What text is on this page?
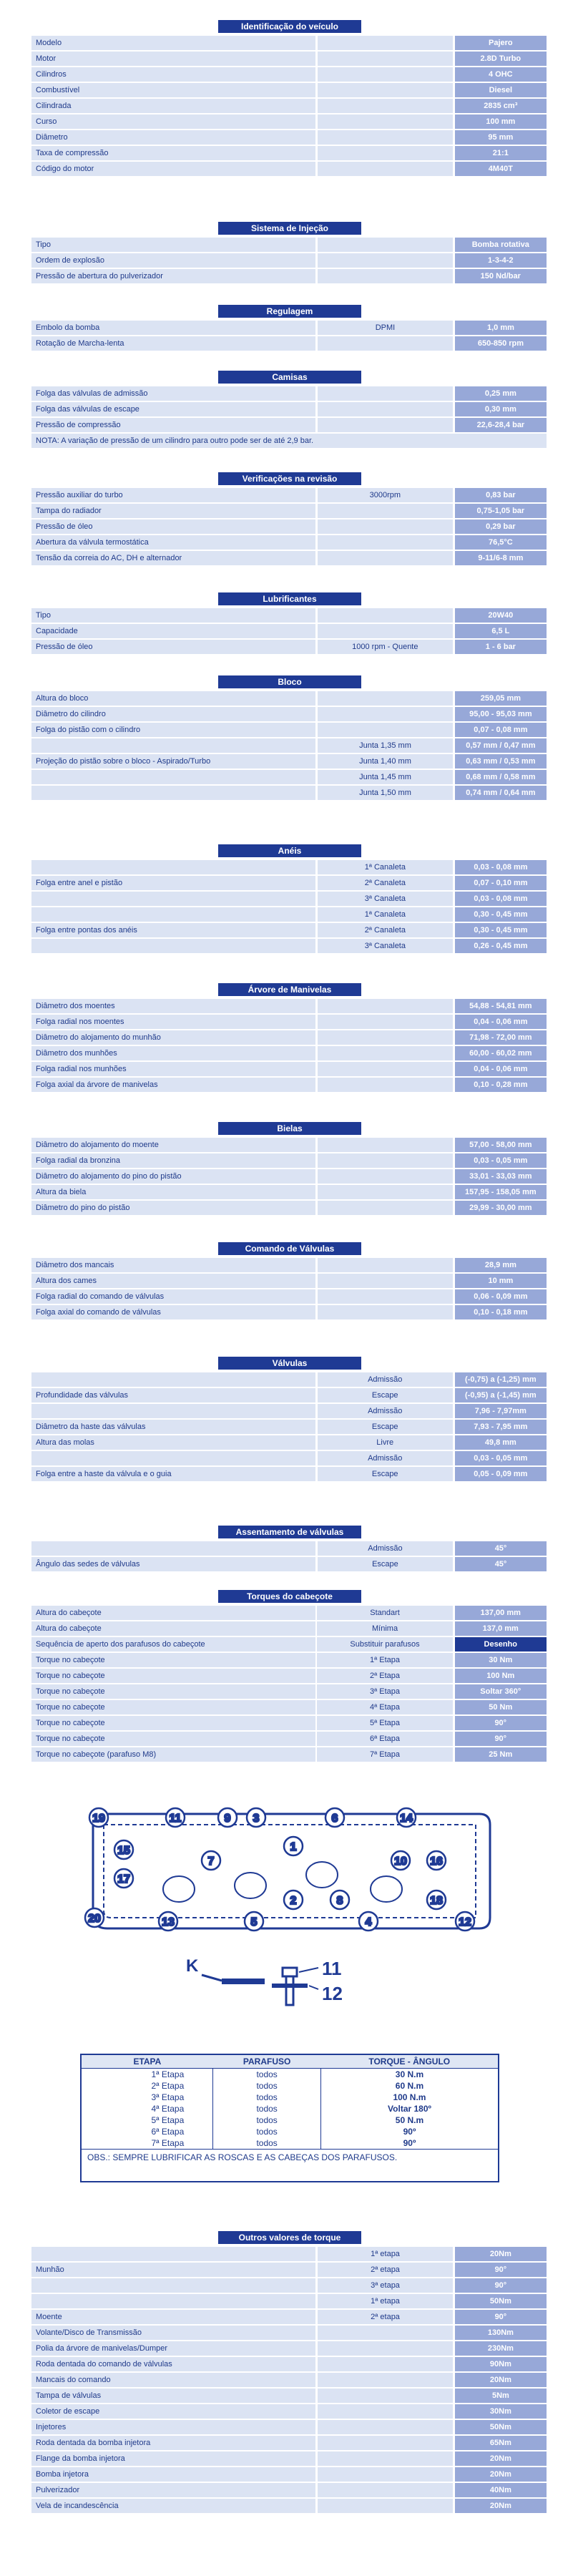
Identificação do veículo
Modelo				Pajero
Motor				2.8D Turbo
Cilindros				4 OHC
Combustível				Diesel
Cilindrada				2835 cm³
Curso				100 mm
Diâmetro				95 mm
Taxa de compressão				21:1
Código do motor				4M40T
Sistema de Injeção
Tipo				Bomba rotativa
Ordem de explosão				1-3-4-2
Pressão de abertura do pulverizador				150 Nd/bar
Regulagem
Embolo da bomba		DPMI		1,0 mm
Rotação de Marcha-lenta				650-850 rpm
Camisas
Folga das válvulas de admissão				0,25 mm
Folga das válvulas de escape				0,30 mm
Pressão de compressão				22,6-28,4 bar
NOTA: A variação de pressão de um cilindro para outro pode ser de até 2,9 bar.				
Verificações na revisão
Pressão auxiliar do turbo		3000rpm		0,83 bar
Tampa do radiador				0,75-1,05 bar
Pressão de óleo				0,29 bar
Abertura da válvula termostática				76,5°C
Tensão da correia do AC, DH e alternador				9-11/6-8 mm
Lubrificantes
Tipo				20W40
Capacidade				6,5 L
Pressão de óleo		1000 rpm - Quente		1 - 6 bar
Bloco
Altura do bloco				259,05 mm
Diâmetro do cilindro				95,00 - 95,03 mm
Folga do pistão com o cilindro				0,07 - 0,08 mm
		Junta 1,35 mm		0,57 mm / 0,47 mm
Projeção do pistão sobre o bloco - Aspirado/Turbo		Junta 1,40 mm		0,63 mm / 0,53 mm
		Junta 1,45 mm		0,68 mm / 0,58 mm
		Junta 1,50 mm		0,74 mm / 0,64 mm
Anéis
		1ª Canaleta		0,03 - 0,08 mm
Folga entre anel e pistão		2ª Canaleta		0,07 - 0,10 mm
		3ª Canaleta		0,03 - 0,08 mm
		1ª Canaleta		0,30 - 0,45 mm
Folga entre pontas dos anéis		2ª Canaleta		0,30 - 0,45 mm
		3ª Canaleta		0,26 - 0,45 mm
Árvore de Manivelas
Diâmetro dos moentes				54,88 - 54,81 mm
Folga radial nos moentes				0,04 - 0,06 mm
Diâmetro do alojamento do munhão				71,98 - 72,00 mm
Diâmetro dos munhões				60,00 - 60,02 mm
Folga radial nos munhões				0,04 - 0,06 mm
Folga axial da árvore de manivelas				0,10 - 0,28 mm
Bielas
Diâmetro do alojamento do moente				57,00 - 58,00 mm
Folga radial da bronzina				0,03 - 0,05 mm
Diâmetro do alojamento do pino do pistão				33,01 - 33,03 mm
Altura da biela				157,95 - 158,05 mm
Diâmetro do pino do pistão				29,99 - 30,00 mm
Comando de Válvulas
Diâmetro dos mancais				28,9 mm
Altura dos cames				10 mm
Folga radial do comando de válvulas				0,06 - 0,09 mm
Folga axial do comando de válvulas				0,10 - 0,18 mm
Válvulas
		Admissão		(-0,75) a (-1,25) mm
Profundidade das válvulas		Escape		(-0,95) a (-1,45) mm
		Admissão		7,96 - 7,97mm
Diâmetro da haste das válvulas		Escape		7,93 - 7,95 mm
Altura das molas		Livre		49,8 mm
		Admissão		0,03 - 0,05 mm
Folga entre a haste da válvula e o guia		Escape		0,05 - 0,09 mm
Assentamento de válvulas
		Admissão		45°
Ângulo das sedes de válvulas		Escape		45°
Torques do cabeçote
Altura do cabeçote		Standart		137,00 mm
Altura do cabeçote		Mínima		137,0 mm
Sequência de aperto dos parafusos do cabeçote		Substituir parafusos		Desenho
Torque no cabeçote		1ª Etapa		30 Nm
Torque no cabeçote		2ª Etapa		100 Nm
Torque no cabeçote		3ª Etapa		Soltar 360°
Torque no cabeçote		4ª Etapa		50 Nm
Torque no cabeçote		5ª Etapa		90°
Torque no cabeçote		6ª Etapa		90°
Torque no cabeçote (parafuso M8)		7ª Etapa		25 Nm
Outros valores de torque
		1ª etapa		20Nm
Munhão		2ª etapa		90°
		3ª etapa		90°
		1ª etapa		50Nm
Moente		2ª etapa		90°
Volante/Disco de Transmissão				130Nm
Polia da árvore de manivelas/Dumper				230Nm
Roda dentada do comando de válvulas				90Nm
Mancais do comando				20Nm
Tampa de válvulas				5Nm
Coletor de escape				30Nm
Injetores				50Nm
Roda dentada da bomba injetora				65Nm
Flange da bomba injetora				20Nm
Bomba injetora				20Nm
Pulverizador				40Nm
Vela de incandescência				20Nm
19	11	3	6	14
9
15	1
10 16
17
7
2	8	18
20	13	5	4	12
K	11
12
ETAPA	PARAFUSO	TORQUE - ÂNGULO
1ª Etapa	todos	30 N.m
2ª Etapa	todos	60 N.m
3ª Etapa	todos	100 N.m
4ª Etapa	todos	Voltar 180º
5ª Etapa	todos	50 N.m
6ª Etapa	todos	90º
7ª Etapa	todos	90º
OBS.: SEMPRE LUBRIFICAR AS ROSCAS E AS CABEÇAS DOS PARAFUSOS.		
